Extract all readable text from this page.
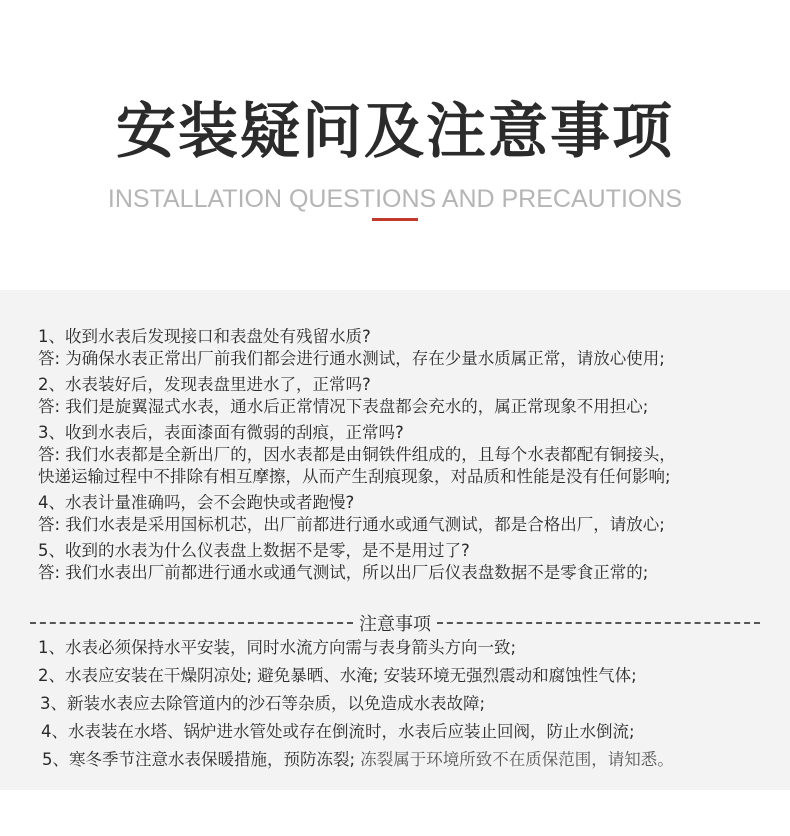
安装疑问及注意事项
INSTALLATION QUESTIONS AND PRECAUTIONS
1、收到水表后发现接口和表盘处有残留水质?
答: 为确保水表正常出厂前我们都会进行通水测试，存在少量水质属正常，请放心使用;
2、水表装好后，发现表盘里进水了，正常吗?
答: 我们是旋翼湿式水表，通水后正常情况下表盘都会充水的，属正常现象不用担心;
3、收到水表后，表面漆面有微弱的刮痕，正常吗?
答: 我们水表都是全新出厂的，因水表都是由铜铁件组成的，且每个水表都配有铜接头，
快递运输过程中不排除有相互摩擦，从而产生刮痕现象，对品质和性能是没有任何影响;
4、水表计量准确吗，会不会跑快或者跑慢?
答: 我们水表是采用国标机芯，出厂前都进行通水或通气测试，都是合格出厂，请放心;
5、收到的水表为什么仪表盘上数据不是零，是不是用过了?
答: 我们水表出厂前都进行通水或通气测试，所以出厂后仪表盘数据不是零食正常的;
注意事项
1、水表必须保持水平安装，同时水流方向需与表身箭头方向一致;
2、水表应安装在干燥阴凉处; 避免暴晒、水淹; 安装环境无强烈震动和腐蚀性气体;
3、新装水表应去除管道内的沙石等杂质，以免造成水表故障;
4、水表装在水塔、锅炉进水管处或存在倒流时，水表后应装止回阀，防止水倒流;
5、寒冬季节注意水表保暖措施，预防冻裂; 冻裂属于环境所致不在质保范围，请知悉。
